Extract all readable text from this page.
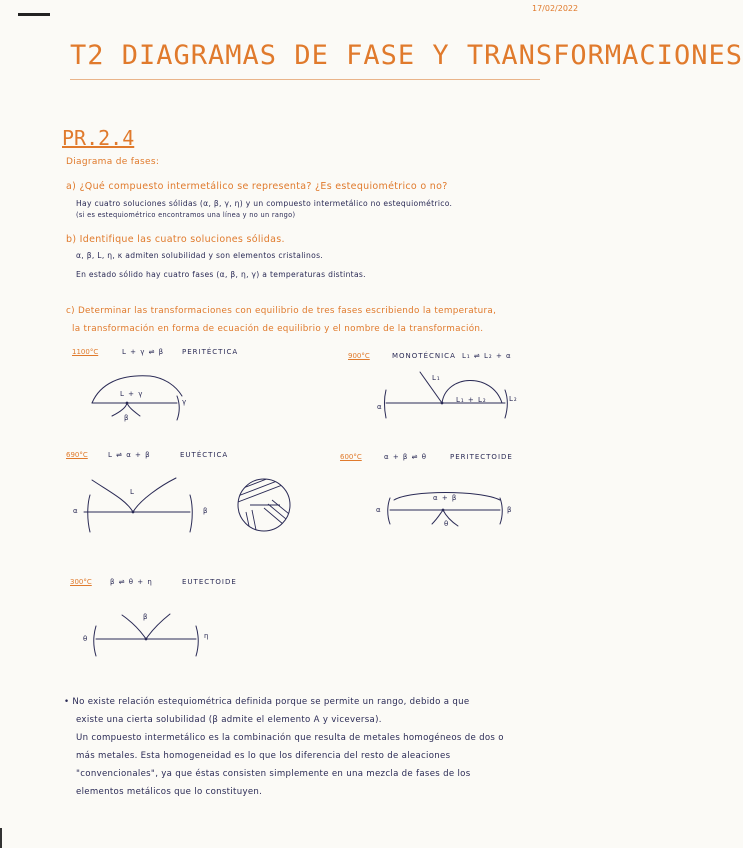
17/02/2022
T2 DIAGRAMAS DE FASE Y TRANSFORMACIONES
PR.2.4
Diagrama de fases:
a) ¿Qué compuesto intermetálico se representa? ¿Es estequiométrico o no?
Hay cuatro soluciones sólidas (α, β, γ, η) y un compuesto intermetálico no estequiométrico.
(si es estequiométrico encontramos una línea y no un rango)
b) Identifique las cuatro soluciones sólidas.
α, β, L, η, κ admiten solubilidad y son elementos cristalinos.
En estado sólido hay cuatro fases (α, β, η, γ) a temperaturas distintas.
c) Determinar las transformaciones con equilibrio de tres fases escribiendo la temperatura,
la transformación en forma de ecuación de equilibrio y el nombre de la transformación.
1100°C	L + γ ⇌ β	PERITÉCTICA
L + γ
γ
β
900°C	MONOTÉCNICA L₁ ⇌ L₂ + α
L₁
L₁ + L₂
α
L₂
690°C	L ⇌ α + β	EUTÉCTICA
L
α	β
600°C	α + β ⇌ θ	PERITECTOIDE
α + β
α	β
θ
300°C	β ⇌ θ + η	EUTECTOIDE
β
θ	η
• No existe relación estequiométrica definida porque se permite un rango, debido a que
existe una cierta solubilidad (β admite el elemento A y viceversa).
Un compuesto intermetálico es la combinación que resulta de metales homogéneos de dos o
más metales. Esta homogeneidad es lo que los diferencia del resto de aleaciones
"convencionales", ya que éstas consisten simplemente en una mezcla de fases de los
elementos metálicos que lo constituyen.
